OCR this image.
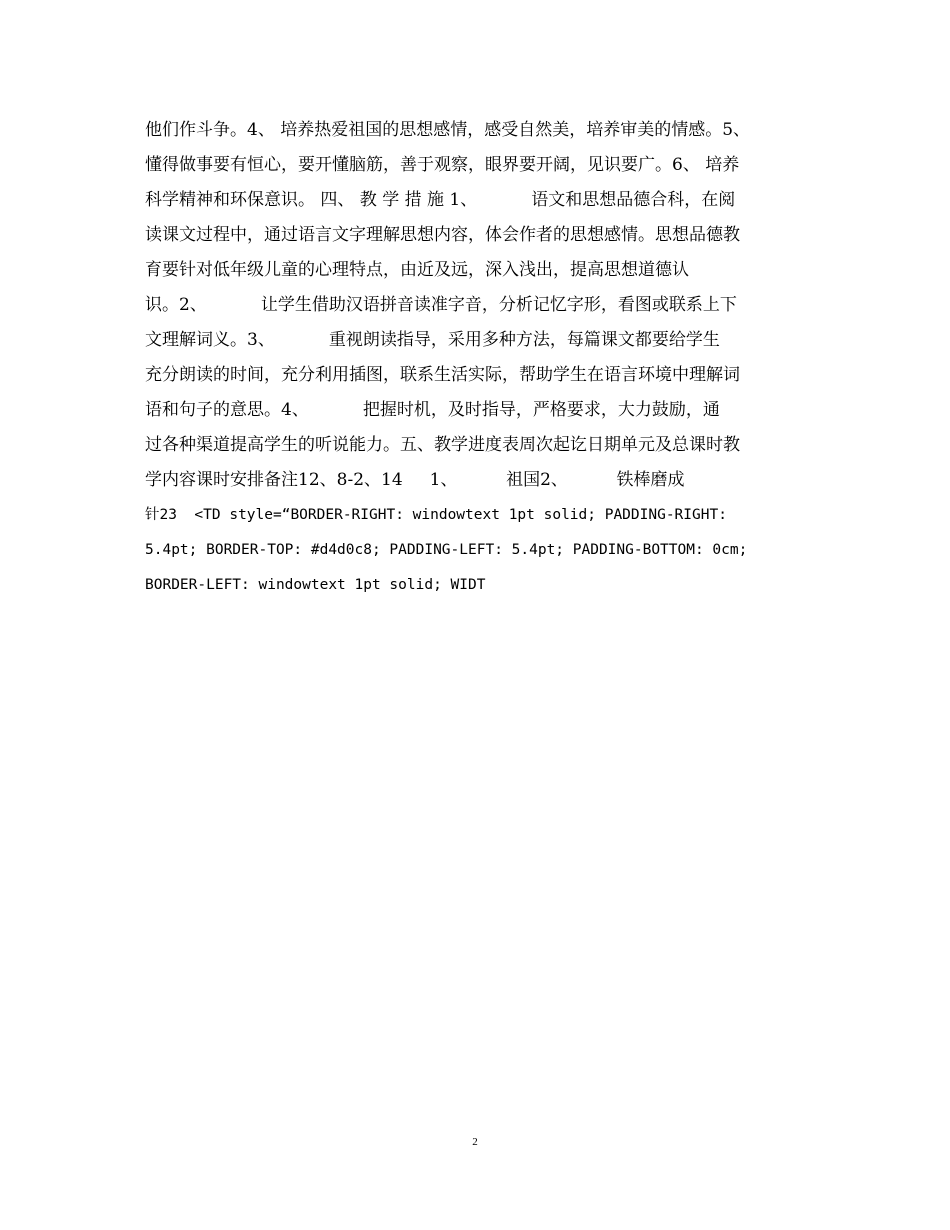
他们作斗争。4、 培养热爱祖国的思想感情，感受自然美，培养审美的情感。5、
懂得做事要有恒心，要开懂脑筋，善于观察，眼界要开阔，见识要广。6、 培养
科学精神和环保意识。 四、 教 学 措 施 1、          语文和思想品德合科，在阅
读课文过程中，通过语言文字理解思想内容，体会作者的思想感情。思想品德教
育要针对低年级儿童的心理特点，由近及远，深入浅出，提高思想道德认
识。2、          让学生借助汉语拼音读准字音，分析记忆字形，看图或联系上下
文理解词义。3、          重视朗读指导，采用多种方法，每篇课文都要给学生
充分朗读的时间，充分利用插图，联系生活实际，帮助学生在语言环境中理解词
语和句子的意思。4、          把握时机，及时指导，严格要求，大力鼓励，通
过各种渠道提高学生的听说能力。五、教学进度表周次起讫日期单元及总课时教
学内容课时安排备注12、8-2、14     1、         祖国2、         铁棒磨成
针23  <TD style=“BORDER-RIGHT: windowtext 1pt solid; PADDING-RIGHT:
5.4pt; BORDER-TOP: #d4d0c8; PADDING-LEFT: 5.4pt; PADDING-BOTTOM: 0cm;
BORDER-LEFT: windowtext 1pt solid; WIDT
2
